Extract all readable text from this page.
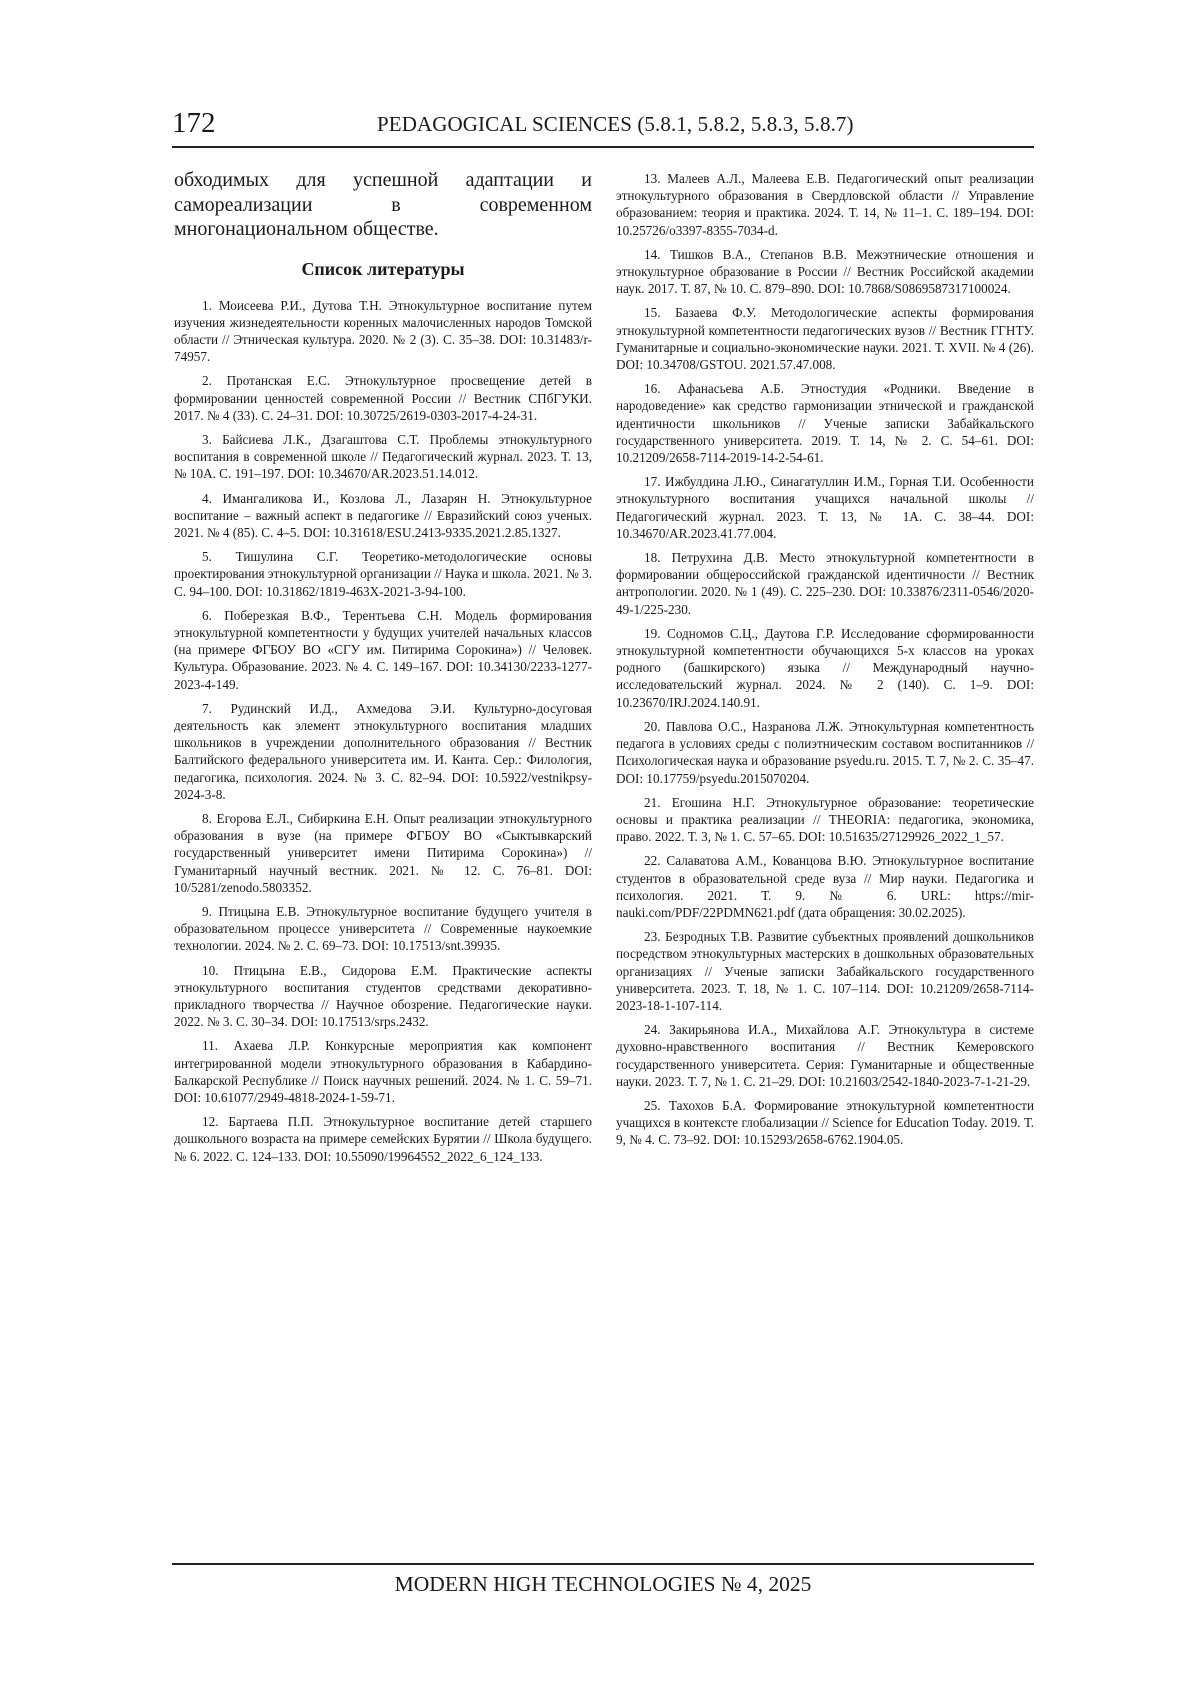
172	PEDAGOGICAL SCIENCES (5.8.1, 5.8.2, 5.8.3, 5.8.7)

обходимых для успешной адаптации и самореализации в современном многонациональном обществе.

Список литературы

1. Моисеева Р.И., Дутова Т.Н. Этнокультурное воспитание путем изучения жизнедеятельности коренных малочисленных народов Томской области // Этническая культура. 2020. № 2 (3). С. 35–38. DOI: 10.31483/r-74957.

2. Протанская Е.С. Этнокультурное просвещение детей в формировании ценностей современной России // Вестник СПбГУКИ. 2017. № 4 (33). С. 24–31. DOI: 10.30725/2619-0303-2017-4-24-31.

3. Байсиева Л.К., Дзагаштова С.Т. Проблемы этнокультурного воспитания в современной школе // Педагогический журнал. 2023. Т. 13, № 10А. С. 191–197. DOI: 10.34670/AR.2023.51.14.012.

4. Имангаликова И., Козлова Л., Лазарян Н. Этнокультурное воспитание – важный аспект в педагогике // Евразийский союз ученых. 2021. № 4 (85). С. 4–5. DOI: 10.31618/ESU.2413-9335.2021.2.85.1327.

5. Тишулина С.Г. Теоретико-методологические основы проектирования этнокультурной организации // Наука и школа. 2021. № 3. С. 94–100. DOI: 10.31862/1819-463X-2021-3-94-100.

6. Поберезкая В.Ф., Терентьева С.Н. Модель формирования этнокультурной компетентности у будущих учителей начальных классов (на примере ФГБОУ ВО «СГУ им. Питирима Сорокина») // Человек. Культура. Образование. 2023. № 4. С. 149–167. DOI: 10.34130/2233-1277-2023-4-149.

7. Рудинский И.Д., Ахмедова Э.И. Культурно-досуговая деятельность как элемент этнокультурного воспитания младших школьников в учреждении дополнительного образования // Вестник Балтийского федерального университета им. И. Канта. Сер.: Филология, педагогика, психология. 2024. № 3. С. 82–94. DOI: 10.5922/vestnikpsy-2024-3-8.

8. Егорова Е.Л., Сибиркина Е.Н. Опыт реализации этнокультурного образования в вузе (на примере ФГБОУ ВО «Сыктывкарский государственный университет имени Питирима Сорокина») // Гуманитарный научный вестник. 2021. № 12. С. 76–81. DOI: 10/5281/zenodo.5803352.

9. Птицына Е.В. Этнокультурное воспитание будущего учителя в образовательном процессе университета // Современные наукоемкие технологии. 2024. № 2. С. 69–73. DOI: 10.17513/snt.39935.

10. Птицына Е.В., Сидорова Е.М. Практические аспекты этнокультурного воспитания студентов средствами декоративно-прикладного творчества // Научное обозрение. Педагогические науки. 2022. № 3. С. 30–34. DOI: 10.17513/srps.2432.

11. Ахаева Л.Р. Конкурсные мероприятия как компонент интегрированной модели этнокультурного образования в Кабардино-Балкарской Республике // Поиск научных решений. 2024. № 1. С. 59–71. DOI: 10.61077/2949-4818-2024-1-59-71.

12. Бартаева П.П. Этнокультурное воспитание детей старшего дошкольного возраста на примере семейских Бурятии // Школа будущего. № 6. 2022. С. 124–133. DOI: 10.55090/19964552_2022_6_124_133.

13. Малеев А.Л., Малеева Е.В. Педагогический опыт реализации этнокультурного образования в Свердловской области // Управление образованием: теория и практика. 2024. Т. 14, № 11–1. С. 189–194. DOI: 10.25726/o3397-8355-7034-d.

14. Тишков В.А., Степанов В.В. Межэтнические отношения и этнокультурное образование в России // Вестник Российской академии наук. 2017. Т. 87, № 10. С. 879–890. DOI: 10.7868/S0869587317100024.

15. Базаева Ф.У. Методологические аспекты формирования этнокультурной компетентности педагогических вузов // Вестник ГГНТУ. Гуманитарные и социально-экономические науки. 2021. Т. XVII. № 4 (26). DOI: 10.34708/GSTOU. 2021.57.47.008.

16. Афанасьева А.Б. Этностудия «Родники. Введение в народоведение» как средство гармонизации этнической и гражданской идентичности школьников // Ученые записки Забайкальского государственного университета. 2019. Т. 14, № 2. С. 54–61. DOI: 10.21209/2658-7114-2019-14-2-54-61.

17. Ижбулдина Л.Ю., Синагатуллин И.М., Горная Т.И. Особенности этнокультурного воспитания учащихся начальной школы // Педагогический журнал. 2023. Т. 13, № 1А. С. 38–44. DOI: 10.34670/AR.2023.41.77.004.

18. Петрухина Д.В. Место этнокультурной компетентности в формировании общероссийской гражданской идентичности // Вестник антропологии. 2020. № 1 (49). С. 225–230. DOI: 10.33876/2311-0546/2020-49-1/225-230.

19. Содномов С.Ц., Даутова Г.Р. Исследование сформированности этнокультурной компетентности обучающихся 5-х классов на уроках родного (башкирского) языка // Международный научно-исследовательский журнал. 2024. № 2 (140). С. 1–9. DOI: 10.23670/IRJ.2024.140.91.

20. Павлова О.С., Назранова Л.Ж. Этнокультурная компетентность педагога в условиях среды с полиэтническим составом воспитанников // Психологическая наука и образование psyedu.ru. 2015. Т. 7, № 2. С. 35–47. DOI: 10.17759/psyedu.2015070204.

21. Егошина Н.Г. Этнокультурное образование: теоретические основы и практика реализации // THEORIA: педагогика, экономика, право. 2022. Т. 3, № 1. С. 57–65. DOI: 10.51635/27129926_2022_1_57.

22. Салаватова А.М., Кованцова В.Ю. Этнокультурное воспитание студентов в образовательной среде вуза // Мир науки. Педагогика и психология. 2021. Т. 9. № 6. URL: https://mir-nauki.com/PDF/22PDMN621.pdf (дата обращения: 30.02.2025).

23. Безродных Т.В. Развитие субъектных проявлений дошкольников посредством этнокультурных мастерских в дошкольных образовательных организациях // Ученые записки Забайкальского государственного университета. 2023. Т. 18, № 1. С. 107–114. DOI: 10.21209/2658-7114-2023-18-1-107-114.

24. Закирьянова И.А., Михайлова А.Г. Этнокультура в системе духовно-нравственного воспитания // Вестник Кемеровского государственного университета. Серия: Гуманитарные и общественные науки. 2023. Т. 7, № 1. С. 21–29. DOI: 10.21603/2542-1840-2023-7-1-21-29.

25. Тахохов Б.А. Формирование этнокультурной компетентности учащихся в контексте глобализации // Science for Education Today. 2019. Т. 9, № 4. С. 73–92. DOI: 10.15293/2658-6762.1904.05.

MODERN HIGH TECHNOLOGIES № 4, 2025
